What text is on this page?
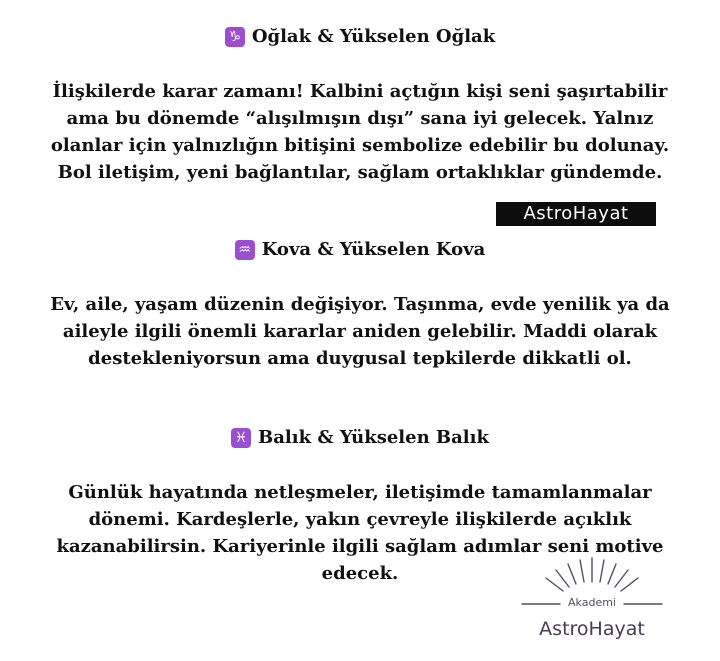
♑ Oğlak & Yükselen Oğlak
İlişkilerde karar zamanı! Kalbini açtığın kişi seni şaşırtabilir
ama bu dönemde “alışılmışın dışı” sana iyi gelecek. Yalnız
olanlar için yalnızlığın bitişini sembolize edebilir bu dolunay.
Bol iletişim, yeni bağlantılar, sağlam ortaklıklar gündemde.
AstroHayat
♒ Kova & Yükselen Kova
Ev, aile, yaşam düzenin değişiyor. Taşınma, evde yenilik ya da
aileyle ilgili önemli kararlar aniden gelebilir. Maddi olarak
destekleniyorsun ama duygusal tepkilerde dikkatli ol.
♓ Balık & Yükselen Balık
Günlük hayatında netleşmeler, iletişimde tamamlanmalar
dönemi. Kardeşlerle, yakın çevreyle ilişkilerde açıklık
kazanabilirsin. Kariyerinle ilgili sağlam adımlar seni motive
edecek.
Akademi
AstroHayat
